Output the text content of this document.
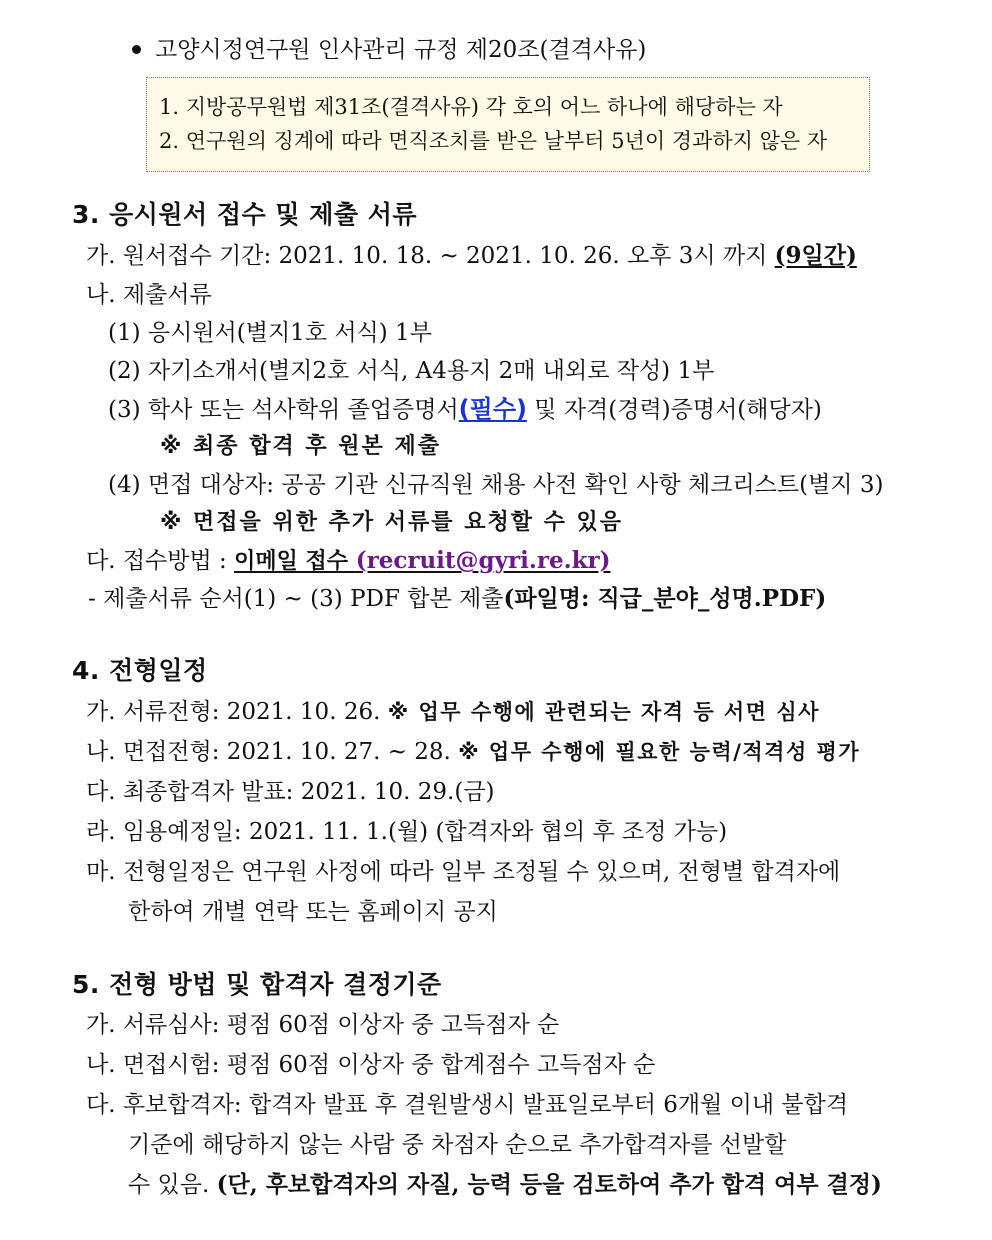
고양시정연구원 인사관리 규정 제20조(결격사유)
1. 지방공무원법 제31조(결격사유) 각 호의 어느 하나에 해당하는 자
2. 연구원의 징계에 따라 면직조치를 받은 날부터 5년이 경과하지 않은 자
3. 응시원서 접수 및 제출 서류
가. 원서접수 기간: 2021. 10. 18. ~ 2021. 10. 26. 오후 3시 까지 (9일간)
나. 제출서류
(1) 응시원서(별지1호 서식) 1부
(2) 자기소개서(별지2호 서식, A4용지 2매 내외로 작성) 1부
(3) 학사 또는 석사학위 졸업증명서(필수) 및 자격(경력)증명서(해당자)
※ 최종 합격 후 원본 제출
(4) 면접 대상자: 공공 기관 신규직원 채용 사전 확인 사항 체크리스트(별지 3)
※ 면접을 위한 추가 서류를 요청할 수 있음
다. 접수방법 : 이메일 접수 (recruit@gyri.re.kr)
- 제출서류 순서(1) ~ (3) PDF 합본 제출(파일명: 직급_분야_성명.PDF)
4. 전형일정
가. 서류전형: 2021. 10. 26. ※ 업무 수행에 관련되는 자격 등 서면 심사
나. 면접전형: 2021. 10. 27. ~ 28. ※ 업무 수행에 필요한 능력/적격성 평가
다. 최종합격자 발표: 2021. 10. 29.(금)
라. 임용예정일: 2021. 11. 1.(월) (합격자와 협의 후 조정 가능)
마. 전형일정은 연구원 사정에 따라 일부 조정될 수 있으며, 전형별 합격자에
한하여 개별 연락 또는 홈페이지 공지
5. 전형 방법 및 합격자 결정기준
가. 서류심사: 평점 60점 이상자 중 고득점자 순
나. 면접시험: 평점 60점 이상자 중 합계점수 고득점자 순
다. 후보합격자: 합격자 발표 후 결원발생시 발표일로부터 6개월 이내 불합격
기준에 해당하지 않는 사람 중 차점자 순으로 추가합격자를 선발할
수 있음. (단, 후보합격자의 자질, 능력 등을 검토하여 추가 합격 여부 결정)
